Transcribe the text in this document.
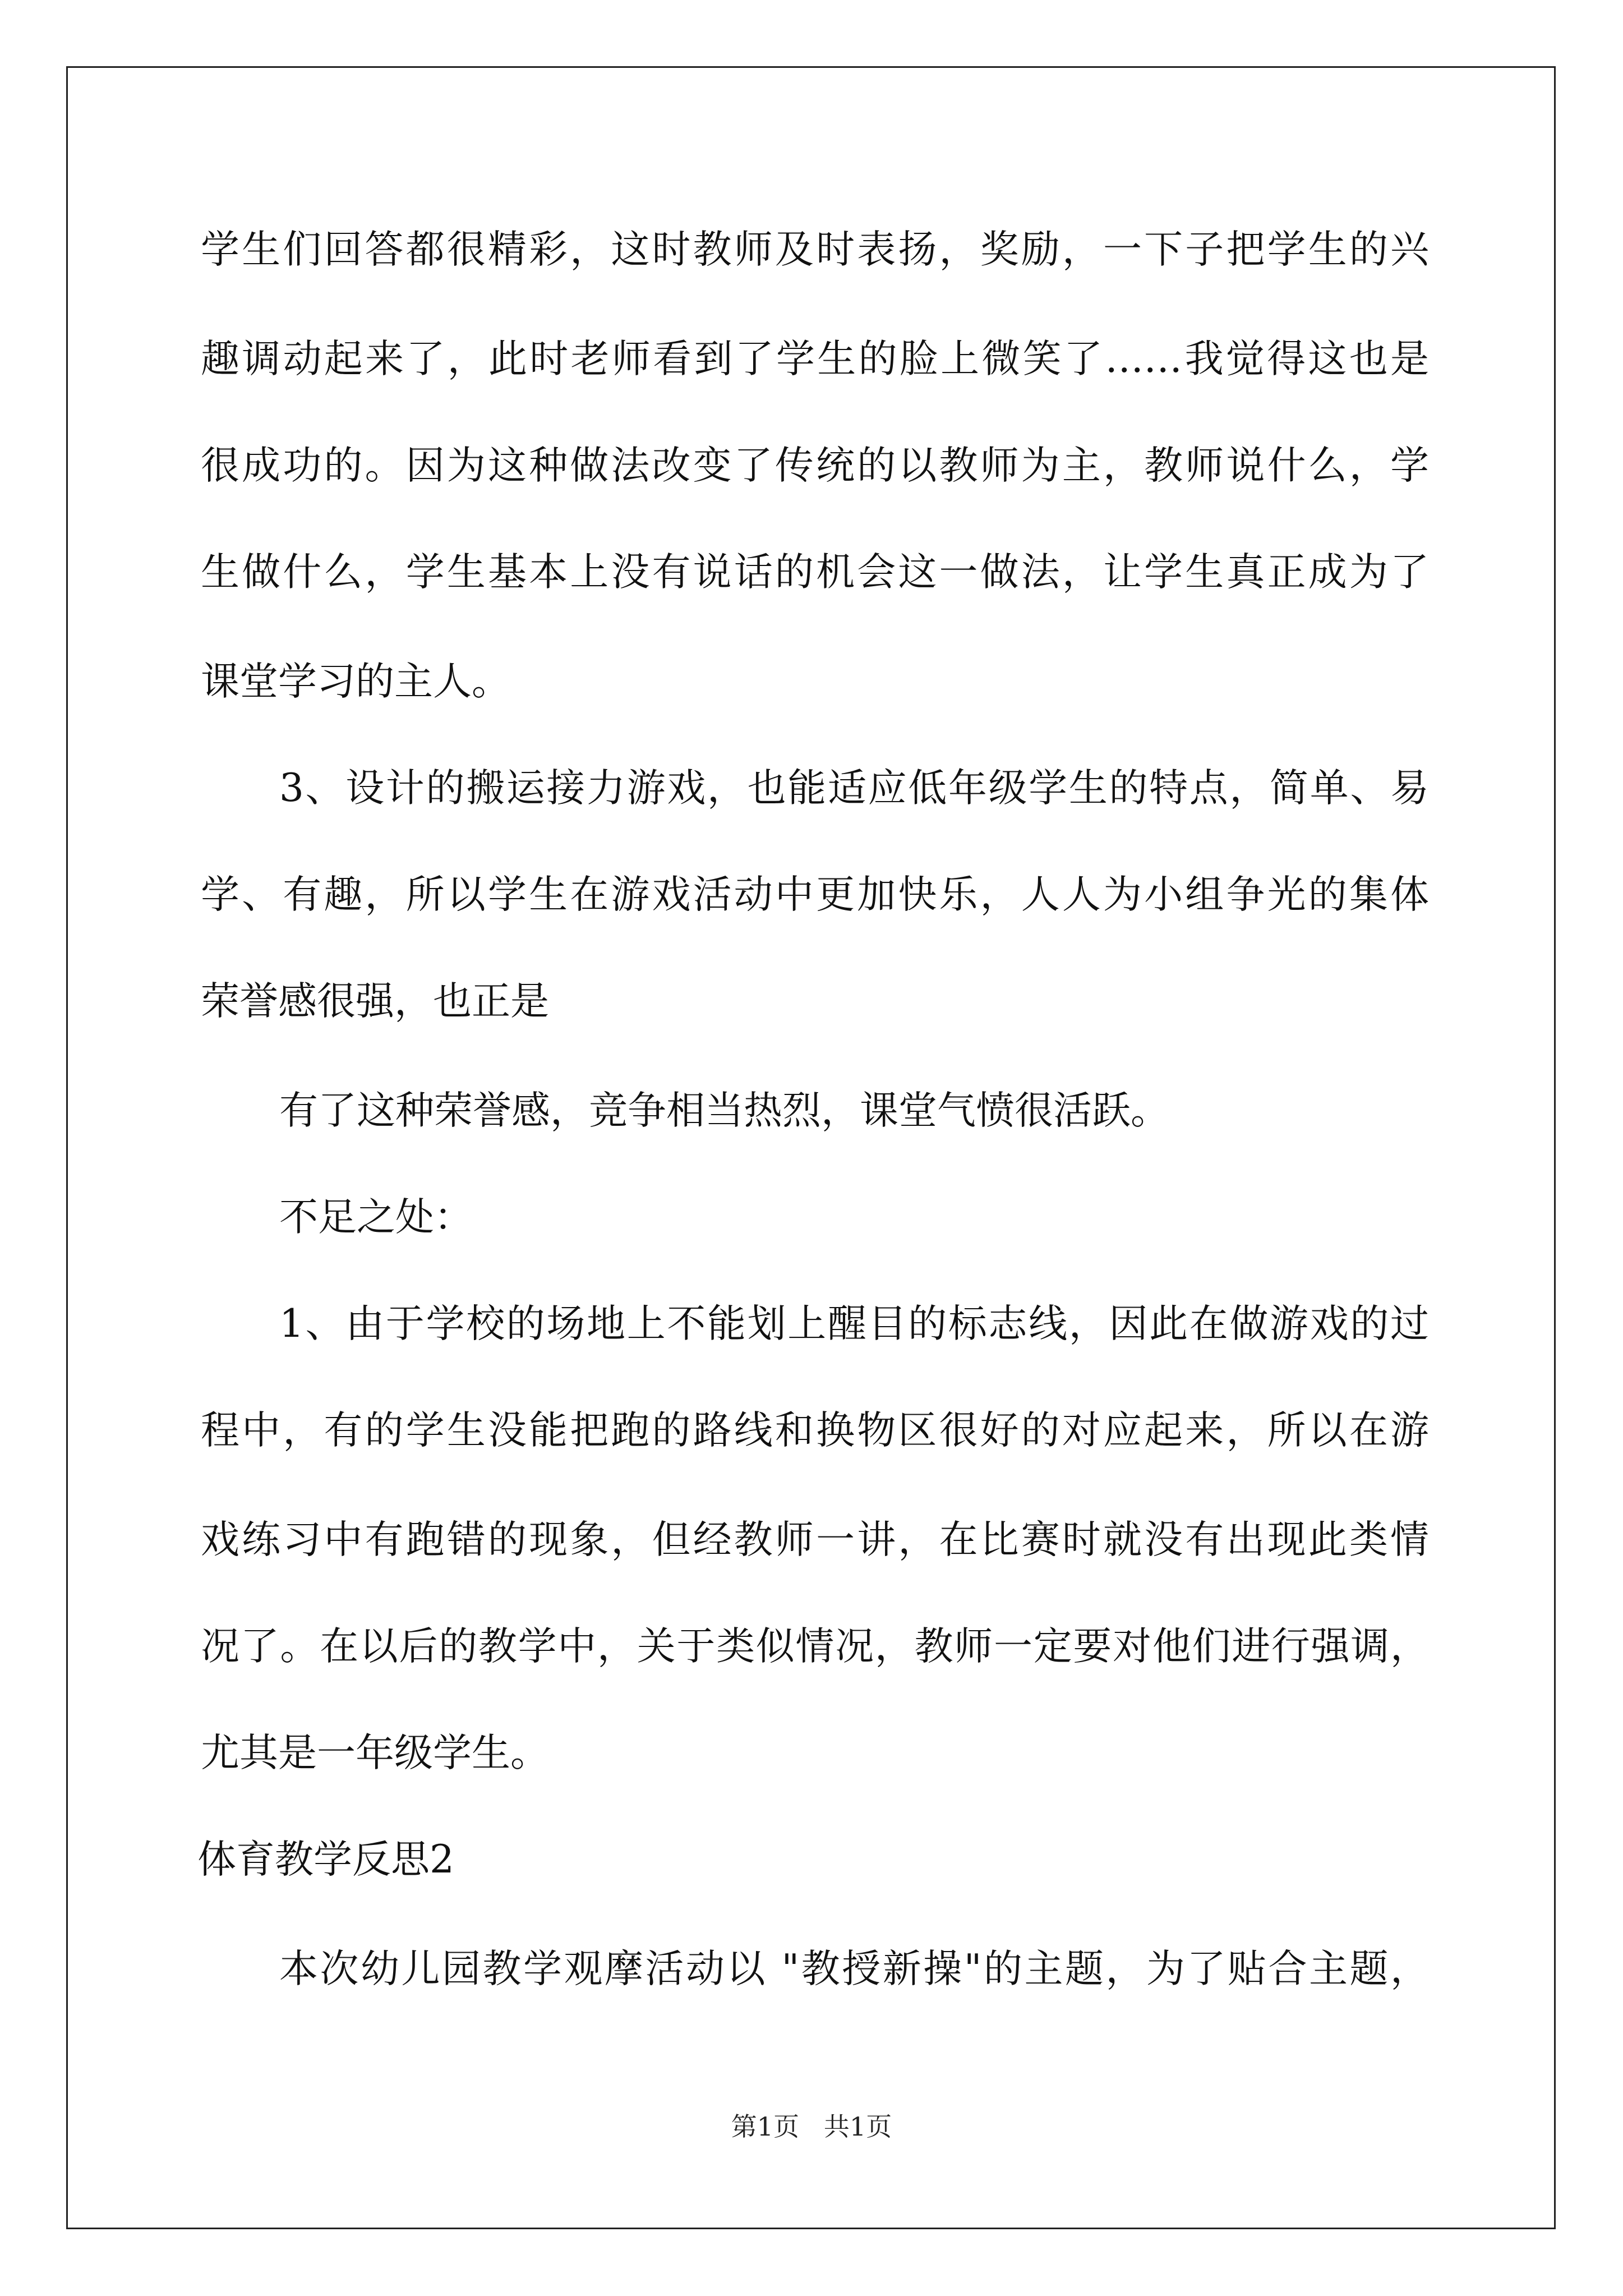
学生们回答都很精彩，这时教师及时表扬，奖励，一下子把学生的兴
趣调动起来了，此时老师看到了学生的脸上微笑了……我觉得这也是
很成功的。因为这种做法改变了传统的以教师为主，教师说什么，学
生做什么，学生基本上没有说话的机会这一做法，让学生真正成为了
课堂学习的主人。
3、设计的搬运接力游戏，也能适应低年级学生的特点，简单、易
学、有趣，所以学生在游戏活动中更加快乐，人人为小组争光的集体
荣誉感很强，也正是
有了这种荣誉感，竞争相当热烈，课堂气愤很活跃。
不足之处：
1、由于学校的场地上不能划上醒目的标志线，因此在做游戏的过
程中，有的学生没能把跑的路线和换物区很好的对应起来，所以在游
戏练习中有跑错的现象，但经教师一讲，在比赛时就没有出现此类情
况了。在以后的教学中，关于类似情况，教师一定要对他们进行强调，
尤其是一年级学生。
体育教学反思2
本次幼儿园教学观摩活动以 "教授新操"的主题，为了贴合主题，
第1页   共1页
